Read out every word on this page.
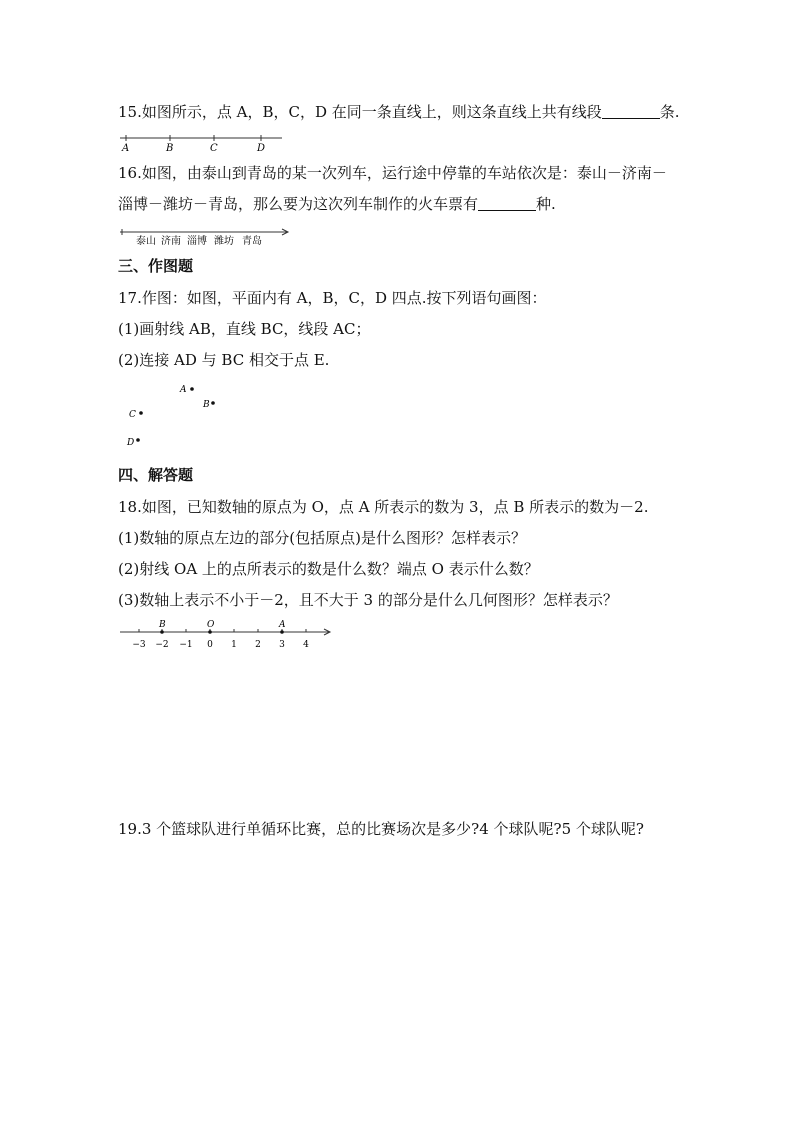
15.如图所示，点 A，B，C，D 在同一条直线上，则这条直线上共有线段	条.
A	B	C	D
16.如图，由泰山到青岛的某一次列车，运行途中停靠的车站依次是：泰山－济南－
淄博－潍坊－青岛，那么要为这次列车制作的火车票有	种.
泰山 济南 淄博 潍坊 青岛
三、作图题
17.作图：如图，平面内有 A，B，C，D 四点.按下列语句画图：
(1)画射线 AB，直线 BC，线段 AC；
(2)连接 AD 与 BC 相交于点 E.
A
B
C
D
四、解答题
18.如图，已知数轴的原点为 O，点 A 所表示的数为 3，点 B 所表示的数为－2.
(1)数轴的原点左边的部分(包括原点)是什么图形？怎样表示？
(2)射线 OA 上的点所表示的数是什么数？端点 O 表示什么数？
(3)数轴上表示不小于－2，且不大于 3 的部分是什么几何图形？怎样表示？
B	O	A
−3 −2 −1 0 1 2 3 4
19.3 个篮球队进行单循环比赛，总的比赛场次是多少?4 个球队呢?5 个球队呢?
